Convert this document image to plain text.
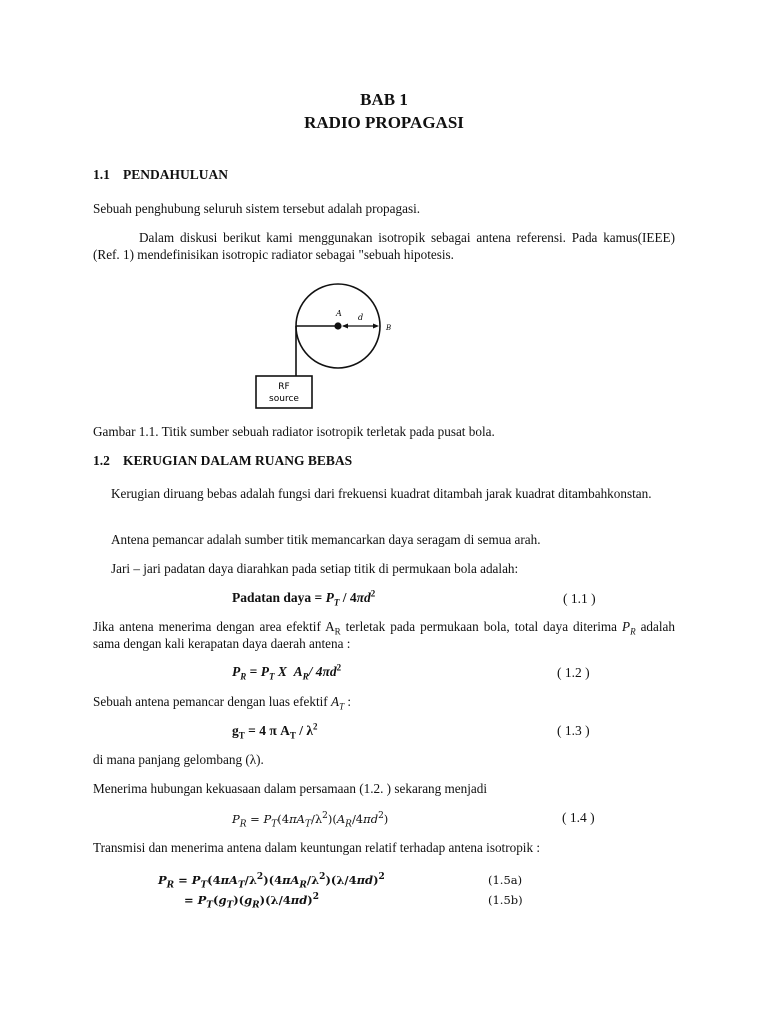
BAB 1
RADIO PROPAGASI
1.1 PENDAHULUAN

Sebuah penghubung seluruh sistem tersebut adalah propagasi.

Dalam diskusi berikut kami menggunakan isotropik sebagai antena referensi. Pada kamus(IEEE) (Ref. 1) mendefinisikan isotropic radiator sebagai "sebuah hipotesis.

A d
B
RF
source

Gambar 1.1. Titik sumber sebuah radiator isotropik terletak pada pusat bola.

1.2 KERUGIAN DALAM RUANG BEBAS

Kerugian diruang bebas adalah fungsi dari frekuensi kuadrat ditambah jarak kuadrat ditambahkonstan.

Antena pemancar adalah sumber titik memancarkan daya seragam di semua arah.

Jari – jari padatan daya diarahkan pada setiap titik di permukaan bola adalah:

Padatan daya = $P_T / 4\pi d^2$	( 1.1 )

Jika antena menerima dengan area efektif $A_R$ terletak pada permukaan bola, total daya diterima $P_R$ adalah sama dengan kali kerapatan daya daerah antena :

$P_R = P_T$ X $A_R/$ $4\pi d^2$	( 1.2 )

Sebuah antena pemancar dengan luas efektif $A_T$ :

$g_T = 4$ π $A_T / \lambda^2$	( 1.3 )

di mana panjang gelombang (λ).

Menerima hubungan kekuasaan dalam persamaan (1.2. ) sekarang menjadi

$P_R = P_T(4\pi A_T/\lambda^2)(A_R/4\pi d^2)$	( 1.4 )

Transmisi dan menerima antena dalam keuntungan relatif terhadap antena isotropik :

$P_R = P_T(4\pi A_T/\lambda^2)(4\pi A_R/\lambda^2)(\lambda/4\pi d)^2$	(1.5a)
= $P_T(g_T)(g_R)(\lambda/4\pi d)^2$	(1.5b)
